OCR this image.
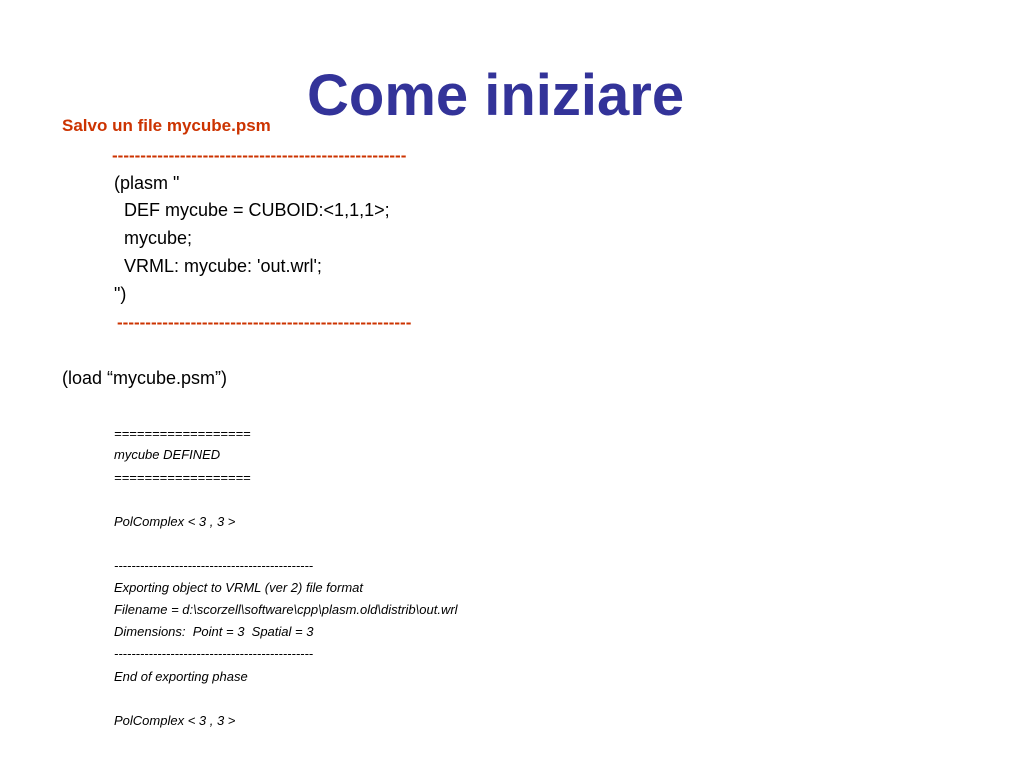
Come iniziare
Salvo un file mycube.psm
----------------------------------------------------
(plasm "
DEF mycube = CUBOID:<1,1,1>;
mycube;
VRML: mycube: 'out.wrl';
")
----------------------------------------------------
(load “mycube.psm”)
==================
mycube DEFINED
==================
PolComplex < 3 , 3 >
----------------------------------------------
Exporting object to VRML (ver 2) file format
Filename = d:\scorzell\software\cpp\plasm.old\distrib\out.wrl
Dimensions:  Point = 3  Spatial = 3
----------------------------------------------
End of exporting phase
PolComplex < 3 , 3 >
